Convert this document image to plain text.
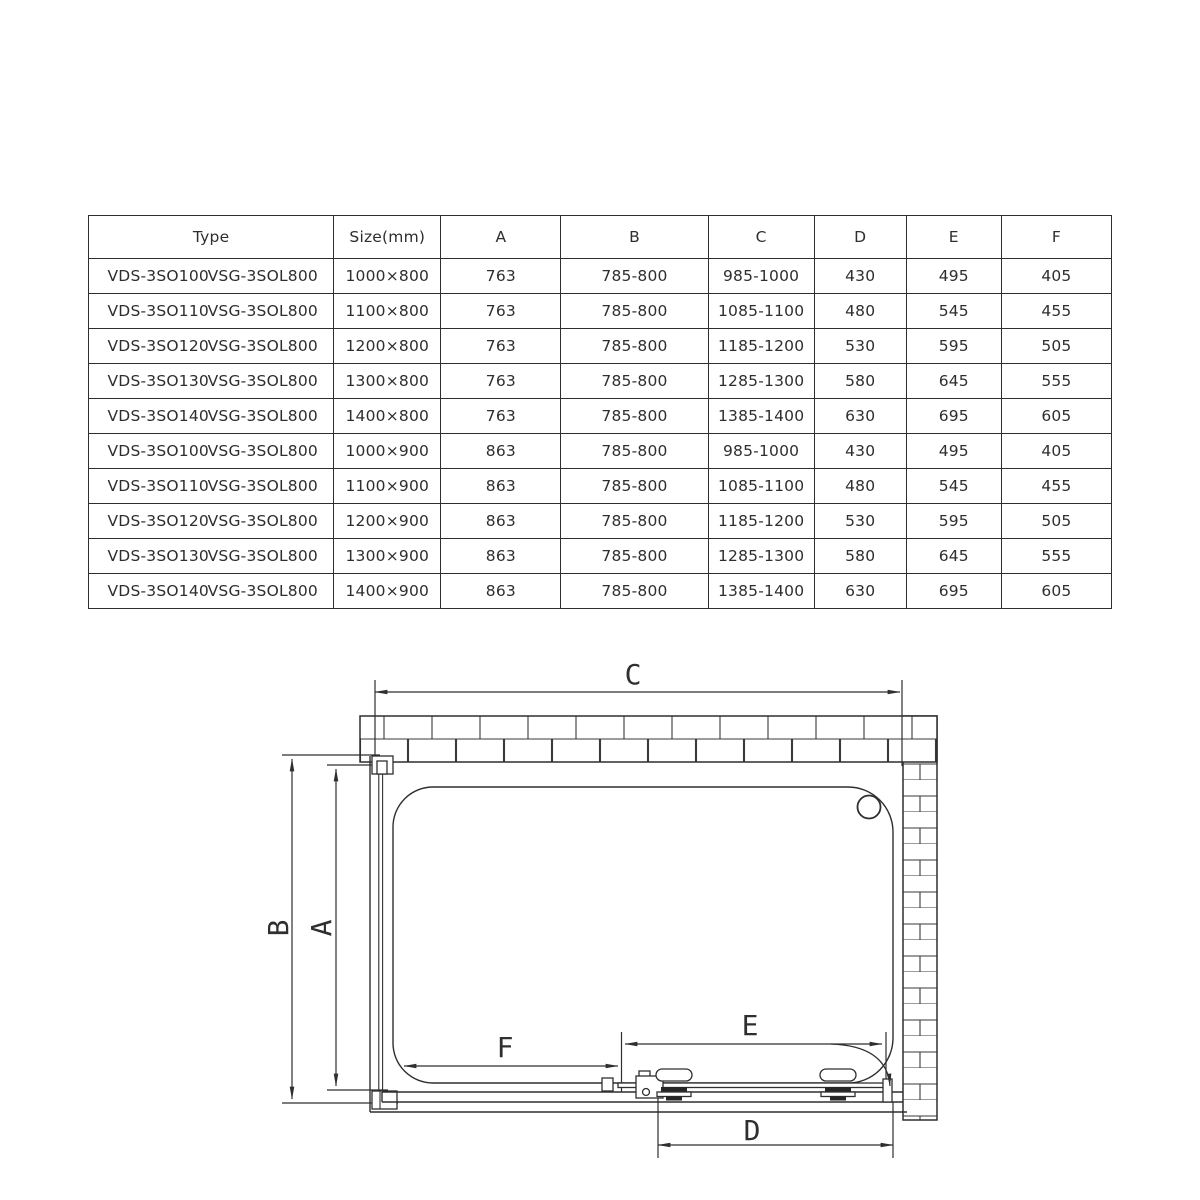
Type	Size(mm)	A	B	C	D	E	F
VDS-3SO100VSG-3SOL800	1000×800	763	785-800	985-1000	430	495	405
VDS-3SO110VSG-3SOL800	1100×800	763	785-800	1085-1100	480	545	455
VDS-3SO120VSG-3SOL800	1200×800	763	785-800	1185-1200	530	595	505
VDS-3SO130VSG-3SOL800	1300×800	763	785-800	1285-1300	580	645	555
VDS-3SO140VSG-3SOL800	1400×800	763	785-800	1385-1400	630	695	605
VDS-3SO100VSG-3SOL800	1000×900	863	785-800	985-1000	430	495	405
VDS-3SO110VSG-3SOL800	1100×900	863	785-800	1085-1100	480	545	455
VDS-3SO120VSG-3SOL800	1200×900	863	785-800	1185-1200	530	595	505
VDS-3SO130VSG-3SOL800	1300×900	863	785-800	1285-1300	580	645	555
VDS-3SO140VSG-3SOL800	1400×900	863	785-800	1385-1400	630	695	605
C
B A
F
E
D
